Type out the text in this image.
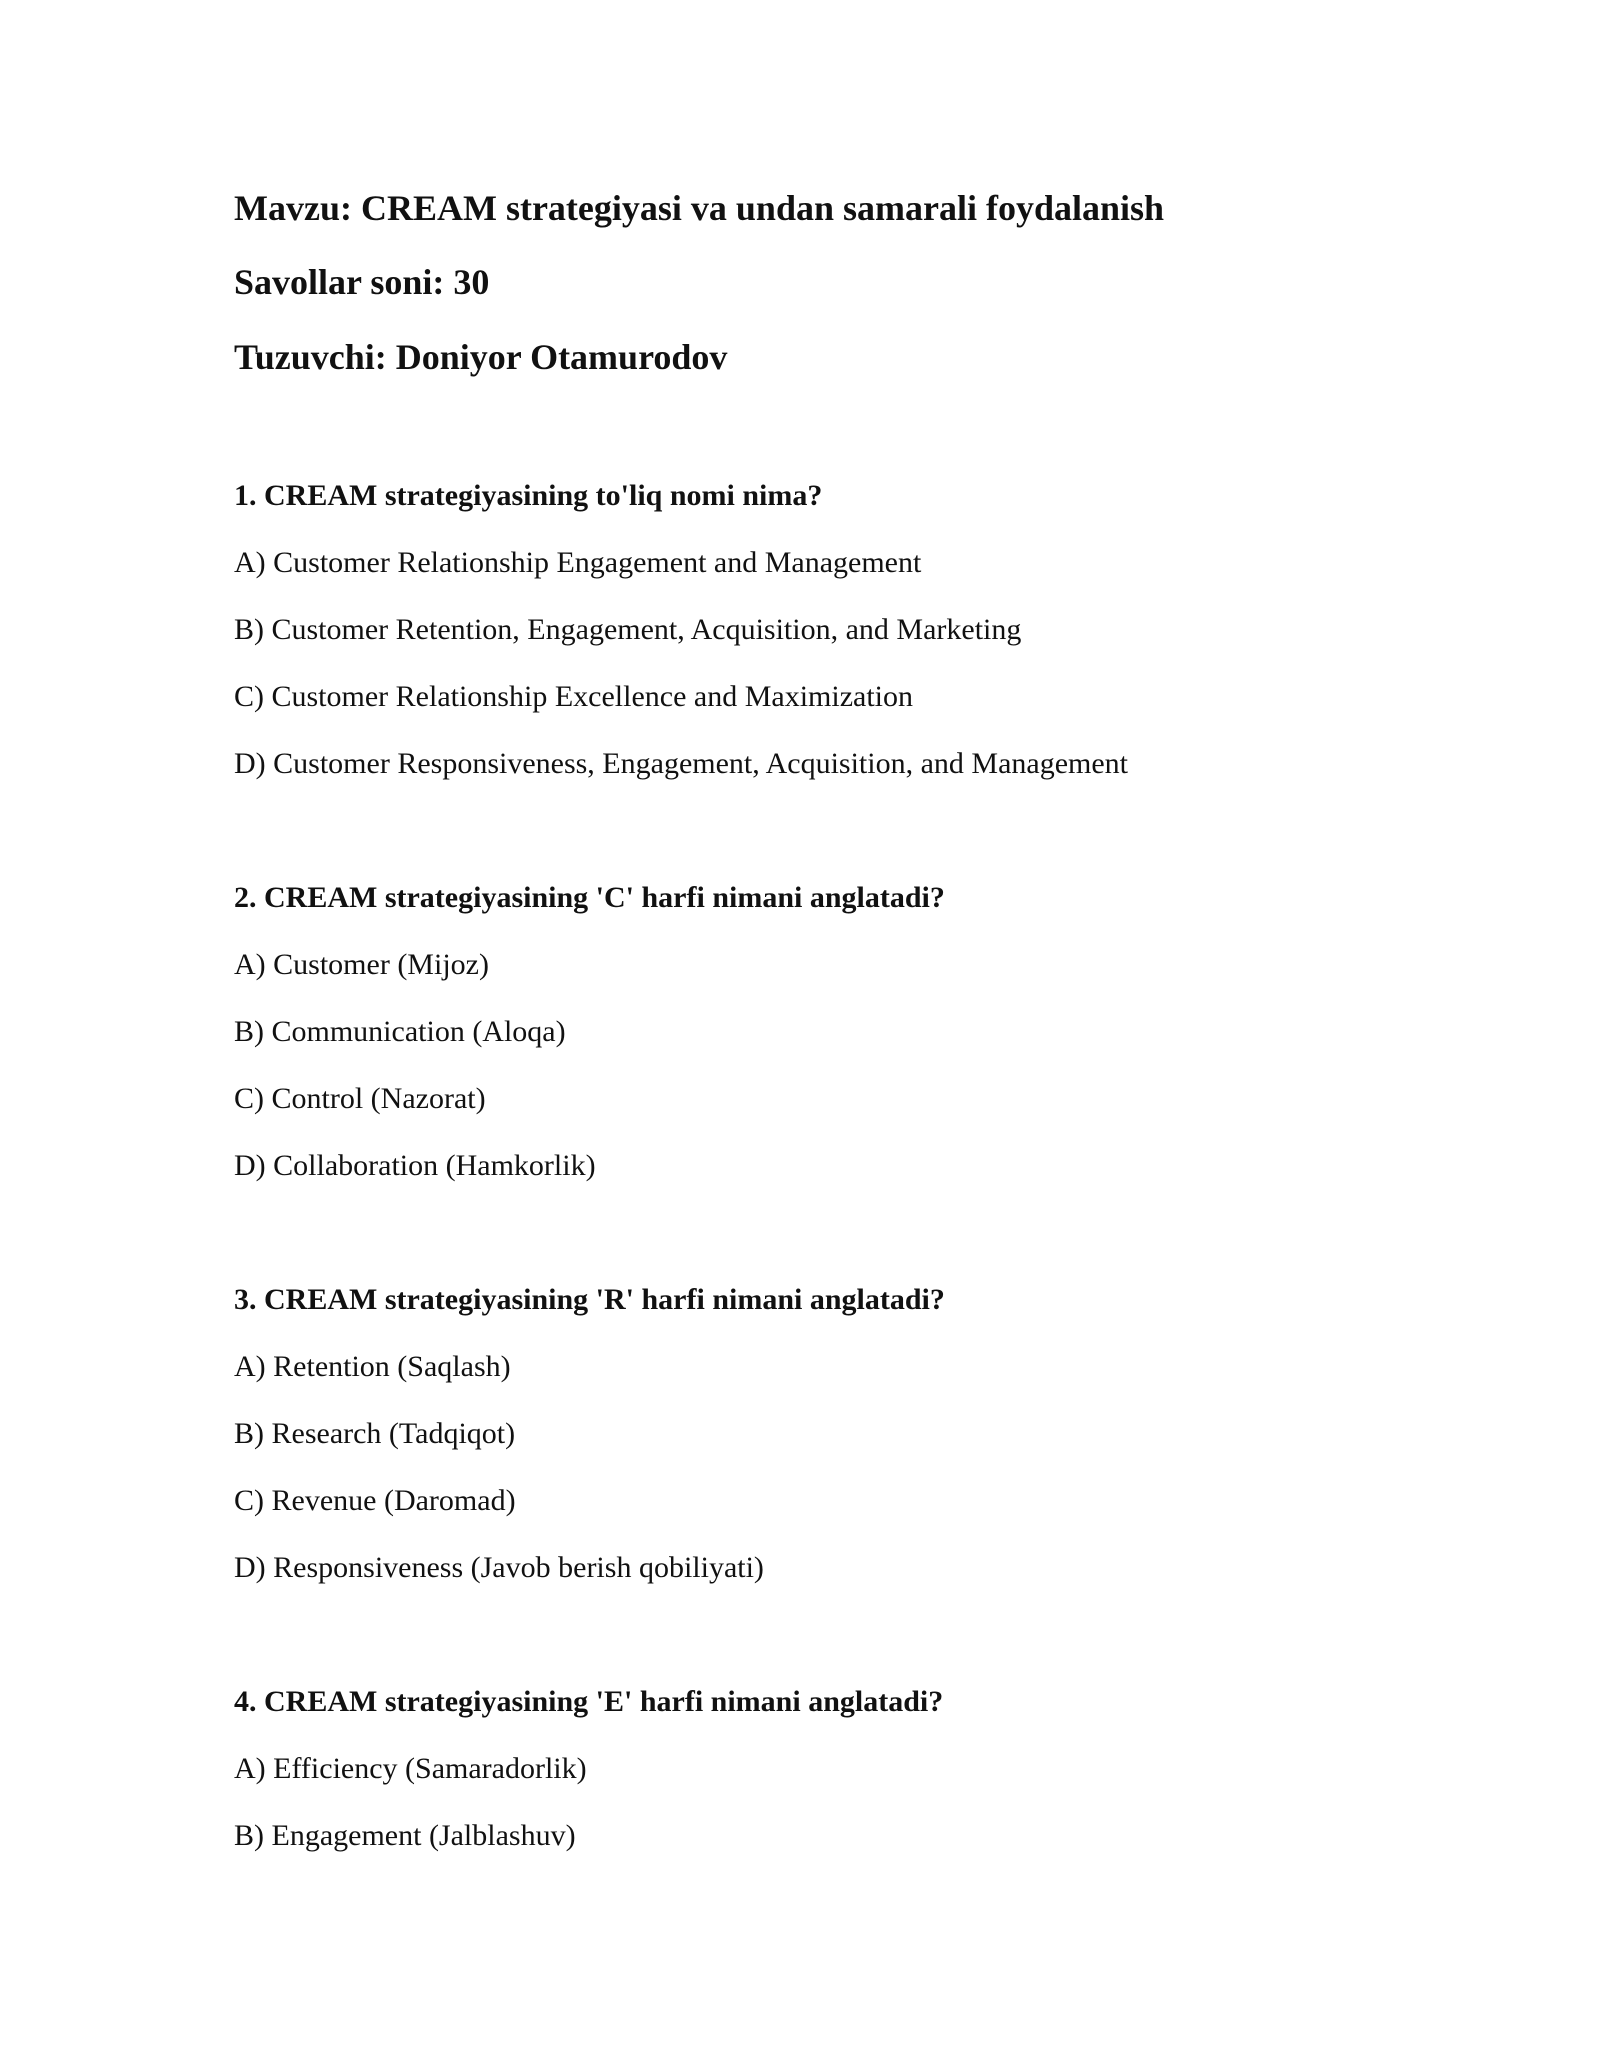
Mavzu: CREAM strategiyasi va undan samarali foydalanish
Savollar soni: 30
Tuzuvchi: Doniyor Otamurodov
1. CREAM strategiyasining to'liq nomi nima?
A) Customer Relationship Engagement and Management
B) Customer Retention, Engagement, Acquisition, and Marketing
C) Customer Relationship Excellence and Maximization
D) Customer Responsiveness, Engagement, Acquisition, and Management
2. CREAM strategiyasining 'C' harfi nimani anglatadi?
A) Customer (Mijoz)
B) Communication (Aloqa)
C) Control (Nazorat)
D) Collaboration (Hamkorlik)
3. CREAM strategiyasining 'R' harfi nimani anglatadi?
A) Retention (Saqlash)
B) Research (Tadqiqot)
C) Revenue (Daromad)
D) Responsiveness (Javob berish qobiliyati)
4. CREAM strategiyasining 'E' harfi nimani anglatadi?
A) Efficiency (Samaradorlik)
B) Engagement (Jalblashuv)
